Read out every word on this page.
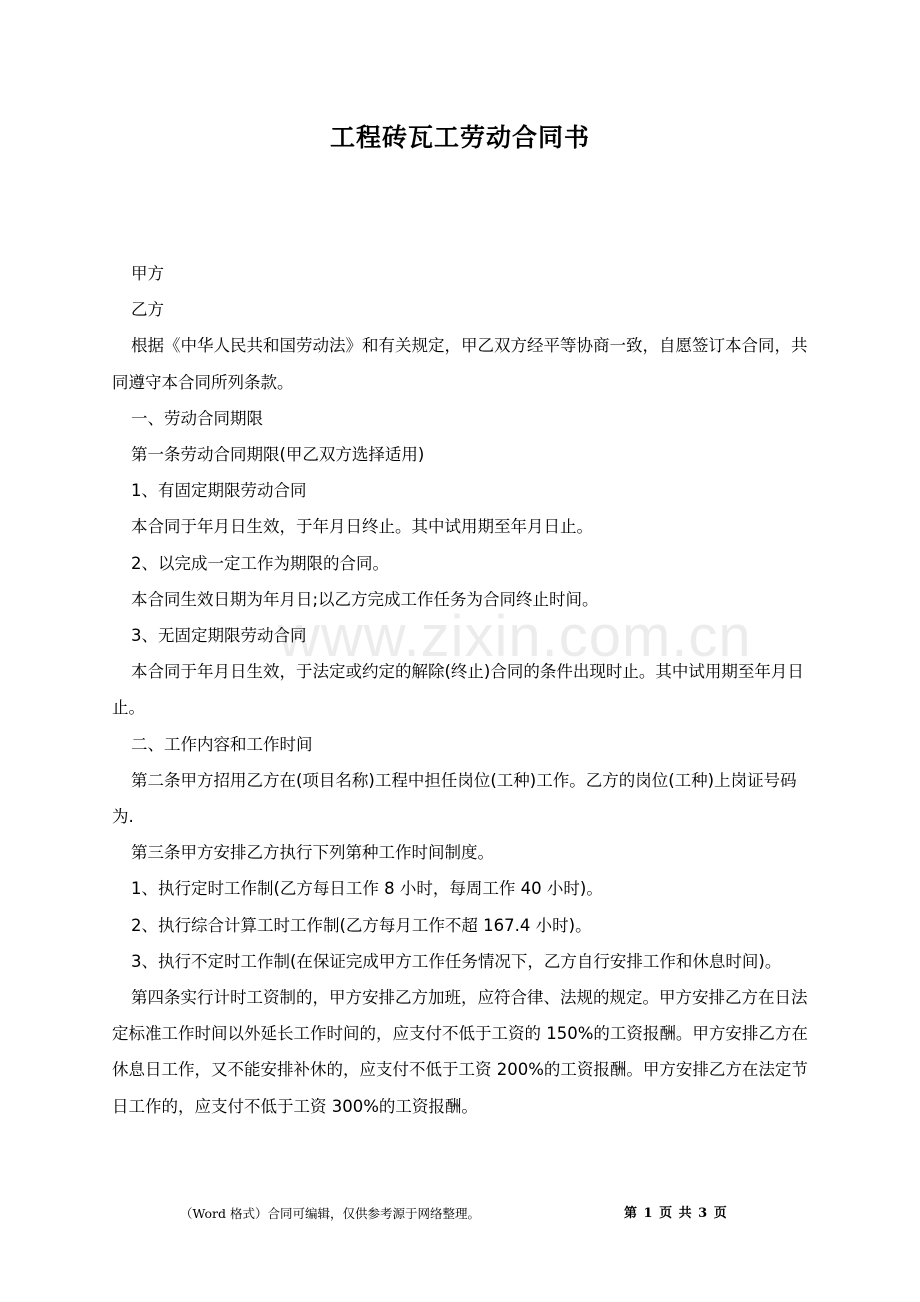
www.zixin.com.cn
工程砖瓦工劳动合同书

甲方

乙方

根据《中华人民共和国劳动法》和有关规定，甲乙双方经平等协商一致，自愿签订本合同，共同遵守本合同所列条款。

一、劳动合同期限

第一条劳动合同期限(甲乙双方选择适用)

1、有固定期限劳动合同

本合同于年月日生效，于年月日终止。其中试用期至年月日止。

2、以完成一定工作为期限的合同。

本合同生效日期为年月日;以乙方完成工作任务为合同终止时间。

3、无固定期限劳动合同

本合同于年月日生效，于法定或约定的解除(终止)合同的条件出现时止。其中试用期至年月日止。

二、工作内容和工作时间

第二条甲方招用乙方在(项目名称)工程中担任岗位(工种)工作。乙方的岗位(工种)上岗证号码为.

第三条甲方安排乙方执行下列第种工作时间制度。

1、执行定时工作制(乙方每日工作 8 小时，每周工作 40 小时)。

2、执行综合计算工时工作制(乙方每月工作不超 167.4 小时)。

3、执行不定时工作制(在保证完成甲方工作任务情况下，乙方自行安排工作和休息时间)。

第四条实行计时工资制的，甲方安排乙方加班，应符合律、法规的规定。甲方安排乙方在日法定标准工作时间以外延长工作时间的，应支付不低于工资的 150%的工资报酬。甲方安排乙方在休息日工作，又不能安排补休的，应支付不低于工资 200%的工资报酬。甲方安排乙方在法定节日工作的，应支付不低于工资 300%的工资报酬。

（Word 格式）合同可编辑，仅供参考源于网络整理。	第 1 页 共 3 页
